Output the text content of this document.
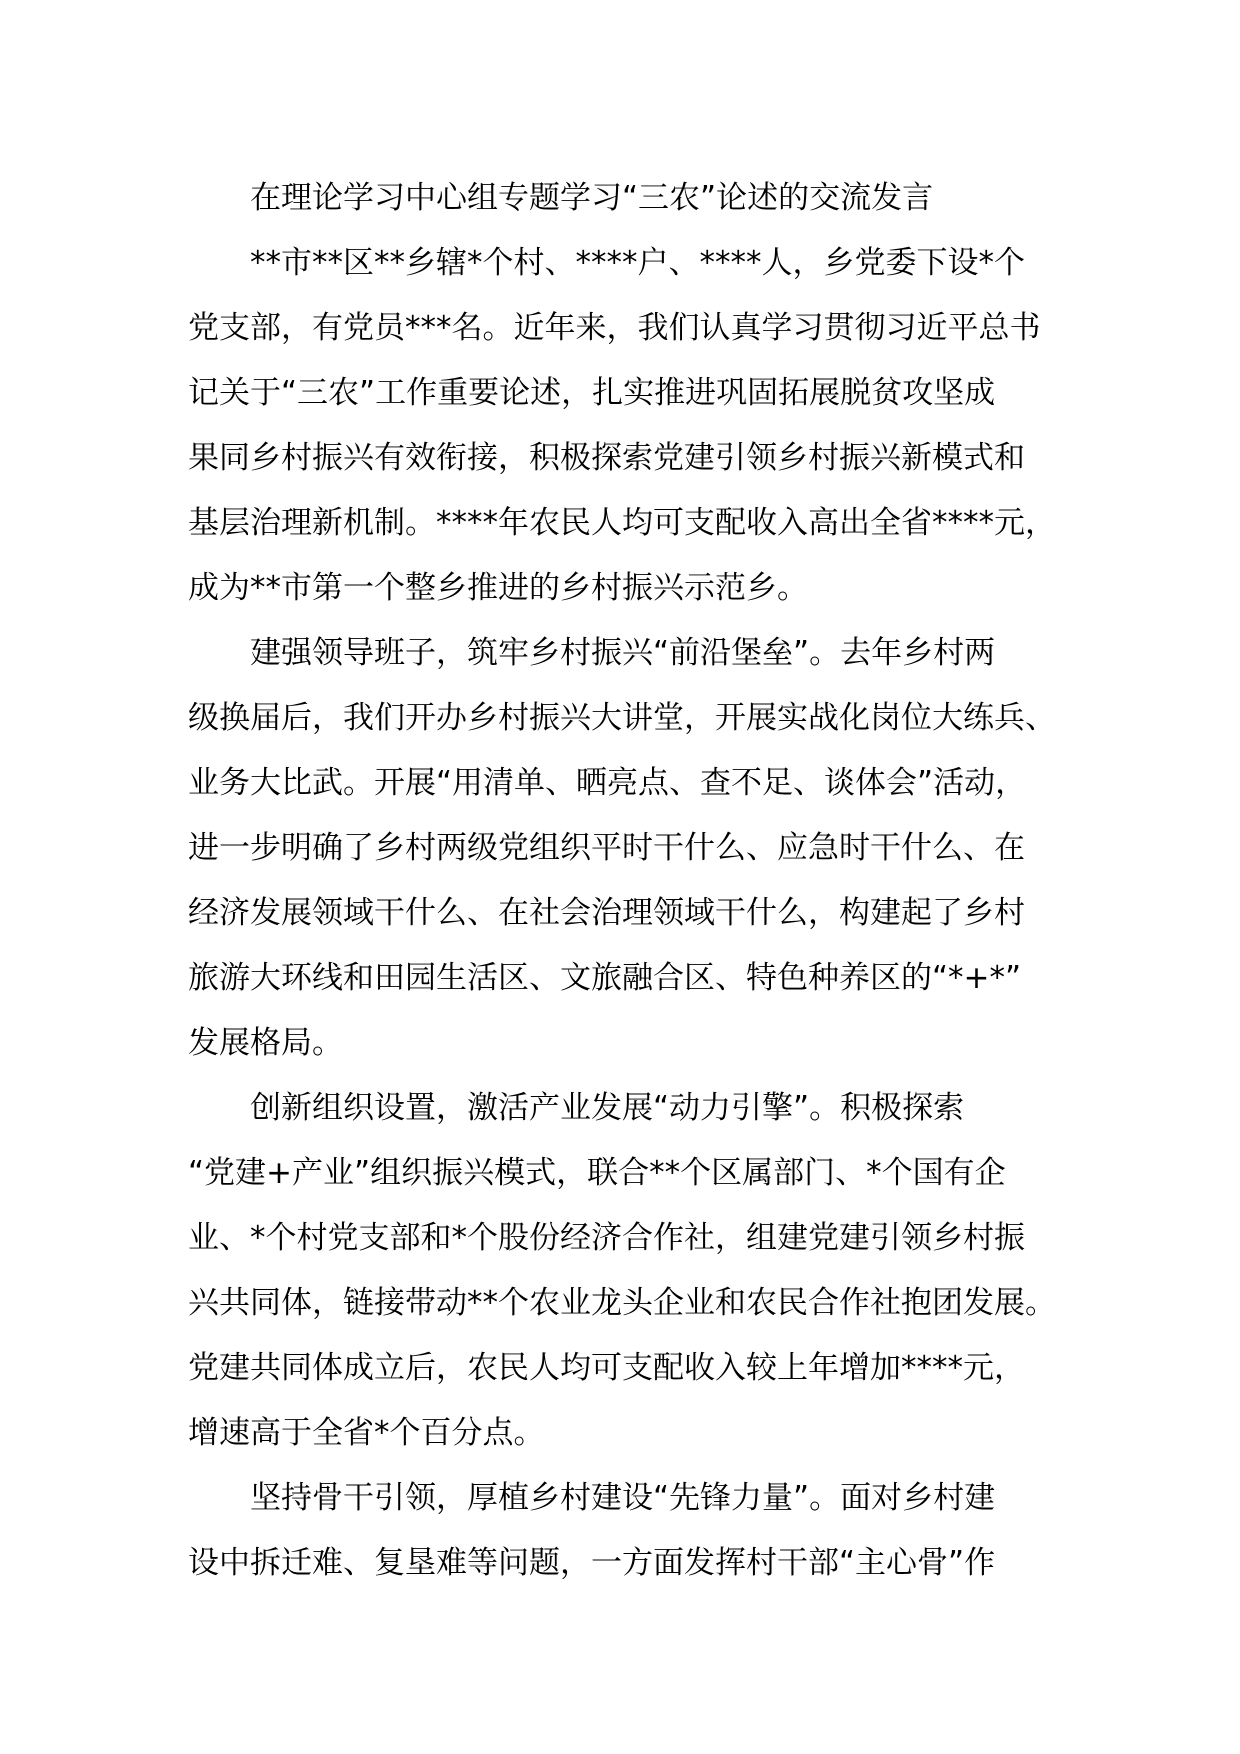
在理论学习中心组专题学习“三农”论述的交流发言
**市**区**乡辖*个村、****户、****人，乡党委下设*个
党支部，有党员***名。近年来，我们认真学习贯彻习近平总书
记关于“三农”工作重要论述，扎实推进巩固拓展脱贫攻坚成
果同乡村振兴有效衔接，积极探索党建引领乡村振兴新模式和
基层治理新机制。****年农民人均可支配收入高出全省****元，
成为**市第一个整乡推进的乡村振兴示范乡。
建强领导班子，筑牢乡村振兴“前沿堡垒”。去年乡村两
级换届后，我们开办乡村振兴大讲堂，开展实战化岗位大练兵、
业务大比武。开展“用清单、晒亮点、查不足、谈体会”活动，
进一步明确了乡村两级党组织平时干什么、应急时干什么、在
经济发展领域干什么、在社会治理领域干什么，构建起了乡村
旅游大环线和田园生活区、文旅融合区、特色种养区的“*+*”
发展格局。
创新组织设置，激活产业发展“动力引擎”。积极探索
“党建+产业”组织振兴模式，联合**个区属部门、*个国有企
业、*个村党支部和*个股份经济合作社，组建党建引领乡村振
兴共同体，链接带动**个农业龙头企业和农民合作社抱团发展。
党建共同体成立后，农民人均可支配收入较上年增加****元，
增速高于全省*个百分点。
坚持骨干引领，厚植乡村建设“先锋力量”。面对乡村建
设中拆迁难、复垦难等问题，一方面发挥村干部“主心骨”作
